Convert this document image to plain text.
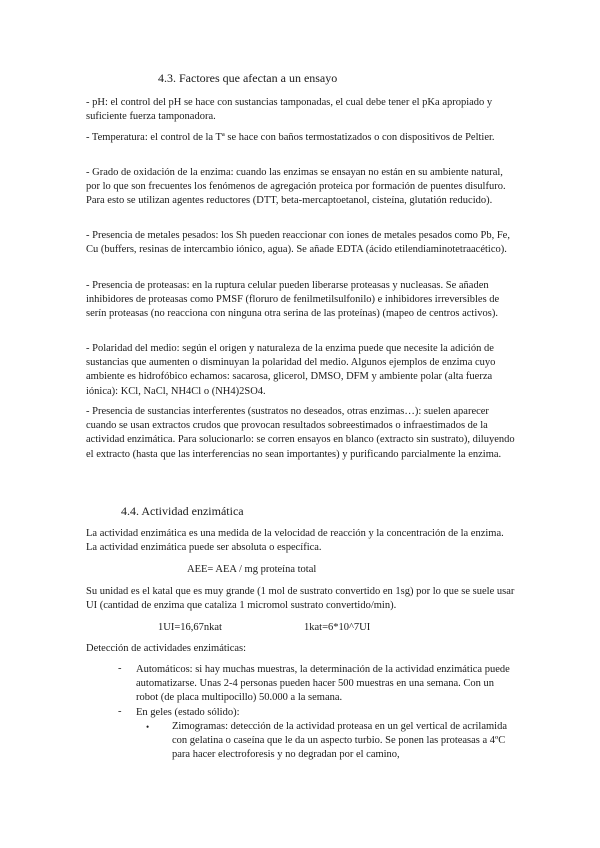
4.3. Factores que afectan a un ensayo

- pH: el control del pH se hace con sustancias tamponadas, el cual debe tener el pKa apropiado y suficiente fuerza tamponadora.

- Temperatura: el control de la Tª se hace con baños termostatizados o con dispositivos de Peltier.

- Grado de oxidación de la enzima: cuando las enzimas se ensayan no están en su ambiente natural, por lo que son frecuentes los fenómenos de agregación proteica por formación de puentes disulfuro. Para esto se utilizan agentes reductores (DTT, beta-mercaptoetanol, cisteína, glutatión reducido).

- Presencia de metales pesados: los Sh pueden reaccionar con iones de metales pesados como Pb, Fe, Cu (buffers, resinas de intercambio iónico, agua). Se añade EDTA (ácido etilendiaminotetraacético).

- Presencia de proteasas: en la ruptura celular pueden liberarse proteasas y nucleasas. Se añaden inhibidores de proteasas como PMSF (floruro de fenilmetilsulfonilo) e inhibidores irreversibles de serín proteasas (no reacciona con ninguna otra serina de las proteínas) (mapeo de centros activos).

- Polaridad del medio: según el origen y naturaleza de la enzima puede que necesite la adición de sustancias que aumenten o disminuyan la polaridad del medio. Algunos ejemplos de enzima cuyo ambiente es hidrofóbico echamos: sacarosa, glicerol, DMSO, DFM y ambiente polar (alta fuerza iónica): KCl, NaCl, NH4Cl o (NH4)2SO4.

- Presencia de sustancias interferentes (sustratos no deseados, otras enzimas…): suelen aparecer cuando se usan extractos crudos que provocan resultados sobreestimados o infraestimados de la actividad enzimática. Para solucionarlo: se corren ensayos en blanco (extracto sin sustrato), diluyendo el extracto (hasta que las interferencias no sean importantes) y purificando parcialmente la enzima.

4.4. Actividad enzimática

La actividad enzimática es una medida de la velocidad de reacción y la concentración de la enzima. La actividad enzimática puede ser absoluta o específica.

AEE= AEA / mg proteína total

Su unidad es el katal que es muy grande (1 mol de sustrato convertido en 1sg) por lo que se suele usar UI (cantidad de enzima que cataliza 1 micromol sustrato convertido/min).

1UI=16,67nkat	1kat=6*10^7UI
Detección de actividades enzimáticas:
- Automáticos: si hay muchas muestras, la determinación de la actividad enzimática puede automatizarse. Unas 2-4 personas pueden hacer 500 muestras en una semana. Con un robot (de placa multipocillo) 50.000 a la semana.

- En geles (estado sólido):

• Zimogramas: detección de la actividad proteasa en un gel vertical de acrilamida con gelatina o caseína que le da un aspecto turbio. Se ponen las proteasas a 4ºC para hacer electroforesis y no degradan por el camino,
